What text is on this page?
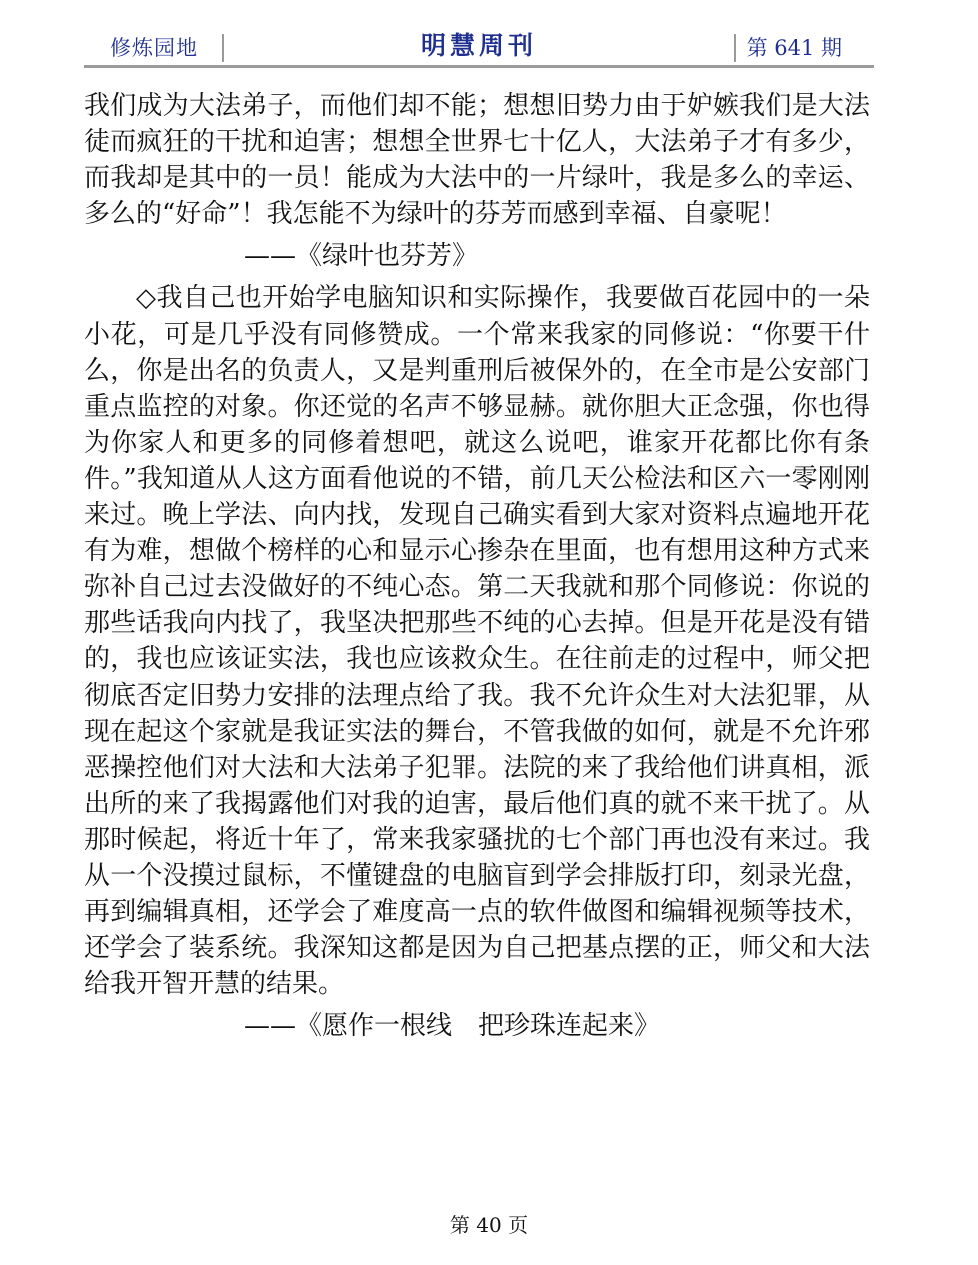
修炼园地	明慧周刊	第 641 期

我们成为大法弟子，而他们却不能；想想旧势力由于妒嫉我们是大法徒而疯狂的干扰和迫害；想想全世界七十亿人，大法弟子才有多少，而我却是其中的一员！能成为大法中的一片绿叶，我是多么的幸运、多么的“好命”！我怎能不为绿叶的芬芳而感到幸福、自豪呢！

——《绿叶也芬芳》

◇我自己也开始学电脑知识和实际操作，我要做百花园中的一朵小花，可是几乎没有同修赞成。一个常来我家的同修说：“你要干什么，你是出名的负责人，又是判重刑后被保外的，在全市是公安部门重点监控的对象。你还觉的名声不够显赫。就你胆大正念强，你也得为你家人和更多的同修着想吧，就这么说吧，谁家开花都比你有条件。”我知道从人这方面看他说的不错，前几天公检法和区六一零刚刚来过。晚上学法、向内找，发现自己确实看到大家对资料点遍地开花有为难，想做个榜样的心和显示心掺杂在里面，也有想用这种方式来弥补自己过去没做好的不纯心态。第二天我就和那个同修说：你说的那些话我向内找了，我坚决把那些不纯的心去掉。但是开花是没有错的，我也应该证实法，我也应该救众生。在往前走的过程中，师父把彻底否定旧势力安排的法理点给了我。我不允许众生对大法犯罪，从现在起这个家就是我证实法的舞台，不管我做的如何，就是不允许邪恶操控他们对大法和大法弟子犯罪。法院的来了我给他们讲真相，派出所的来了我揭露他们对我的迫害，最后他们真的就不来干扰了。从那时候起，将近十年了，常来我家骚扰的七个部门再也没有来过。我从一个没摸过鼠标，不懂键盘的电脑盲到学会排版打印，刻录光盘，再到编辑真相，还学会了难度高一点的软件做图和编辑视频等技术，还学会了装系统。我深知这都是因为自己把基点摆的正，师父和大法给我开智开慧的结果。

——《愿作一根线　把珍珠连起来》

第 40 页
